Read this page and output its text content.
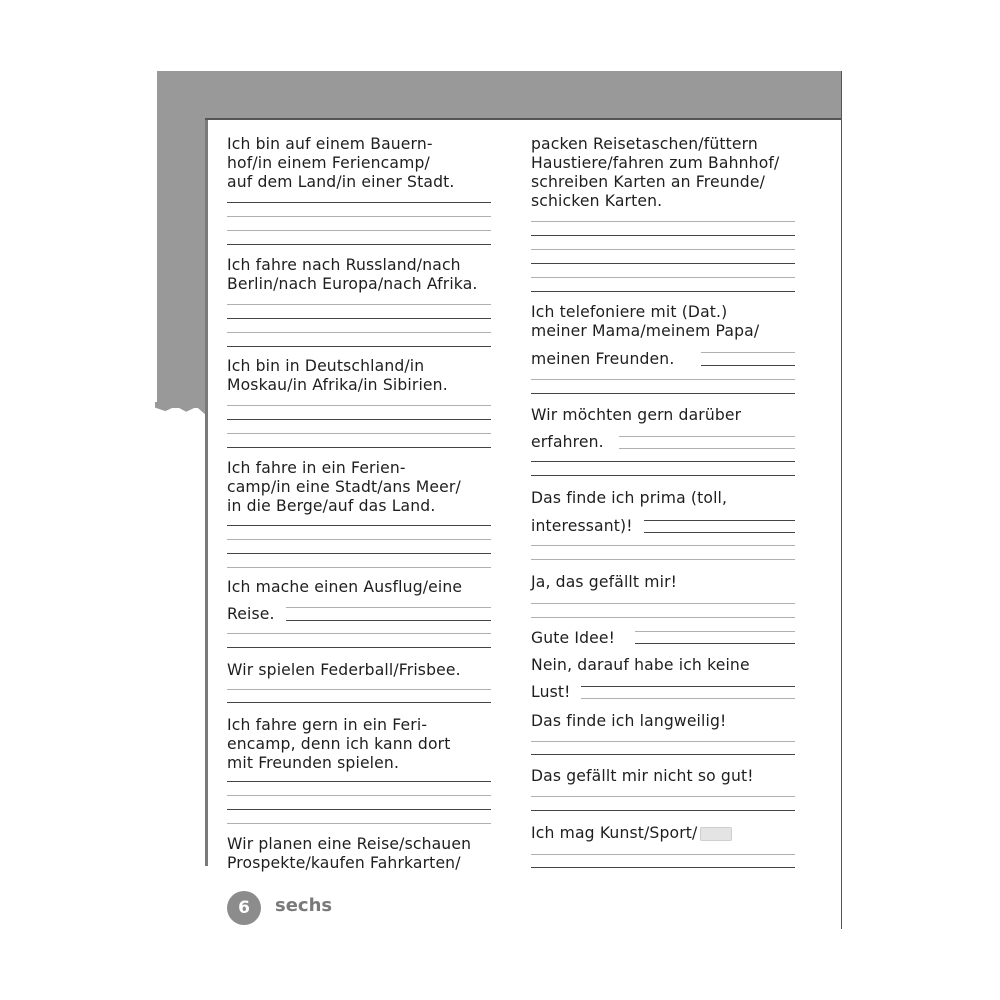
Ich bin auf einem Bauern-
hof/in einem Feriencamp/
auf dem Land/in einer Stadt.

Ich fahre nach Russland/nach
Berlin/nach Europa/nach Afrika.

Ich bin in Deutschland/in
Moskau/in Afrika/in Sibirien.

Ich fahre in ein Ferien-
camp/in eine Stadt/ans Meer/
in die Berge/auf das Land.

Ich mache einen Ausflug/eine

Reise.

Wir spielen Federball/Frisbee.

Ich fahre gern in ein Feri-
encamp, denn ich kann dort
mit Freunden spielen.

Wir planen eine Reise/schauen
Prospekte/kaufen Fahrkarten/

packen Reisetaschen/füttern
Haustiere/fahren zum Bahnhof/
schreiben Karten an Freunde/
schicken Karten.

Ich telefoniere mit (Dat.)
meiner Mama/meinem Papa/

meinen Freunden.

Wir möchten gern darüber

erfahren.

Das finde ich prima (toll,

interessant)!

Ja, das gefällt mir!

Gute Idee!

Nein, darauf habe ich keine

Lust!

Das finde ich langweilig!

Das gefällt mir nicht so gut!

Ich mag Kunst/Sport/

6	sechs
